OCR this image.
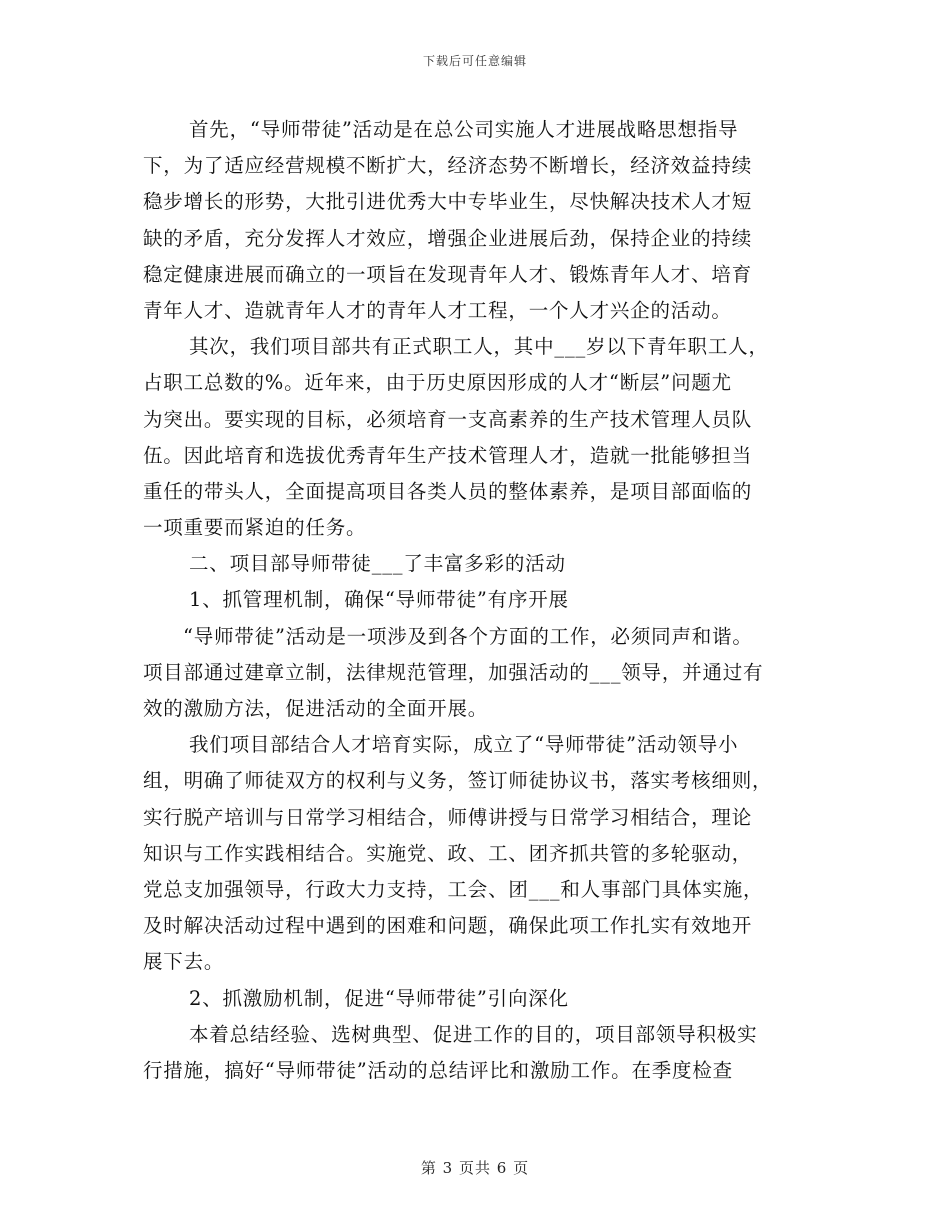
下载后可任意编辑
首先，“导师带徒”活动是在总公司实施人才进展战略思想指导
下，为了适应经营规模不断扩大，经济态势不断增长，经济效益持续
稳步增长的形势，大批引进优秀大中专毕业生，尽快解决技术人才短
缺的矛盾，充分发挥人才效应，增强企业进展后劲，保持企业的持续
稳定健康进展而确立的一项旨在发现青年人才、锻炼青年人才、培育
青年人才、造就青年人才的青年人才工程，一个人才兴企的活动。
其次，我们项目部共有正式职工人，其中___岁以下青年职工人，
占职工总数的%。近年来，由于历史原因形成的人才“断层”问题尤
为突出。要实现的目标，必须培育一支高素养的生产技术管理人员队
伍。因此培育和选拔优秀青年生产技术管理人才，造就一批能够担当
重任的带头人，全面提高项目各类人员的整体素养，是项目部面临的
一项重要而紧迫的任务。
二、项目部导师带徒___了丰富多彩的活动
1、抓管理机制，确保“导师带徒”有序开展
“导师带徒”活动是一项涉及到各个方面的工作，必须同声和谐。
项目部通过建章立制，法律规范管理，加强活动的___领导，并通过有
效的激励方法，促进活动的全面开展。
我们项目部结合人才培育实际，成立了“导师带徒”活动领导小
组，明确了师徒双方的权利与义务，签订师徒协议书，落实考核细则，
实行脱产培训与日常学习相结合，师傅讲授与日常学习相结合，理论
知识与工作实践相结合。实施党、政、工、团齐抓共管的多轮驱动，
党总支加强领导，行政大力支持，工会、团___和人事部门具体实施，
及时解决活动过程中遇到的困难和问题，确保此项工作扎实有效地开
展下去。
2、抓激励机制，促进“导师带徒”引向深化
本着总结经验、选树典型、促进工作的目的，项目部领导积极实
行措施，搞好“导师带徒”活动的总结评比和激励工作。在季度检查
第 3 页共 6 页
